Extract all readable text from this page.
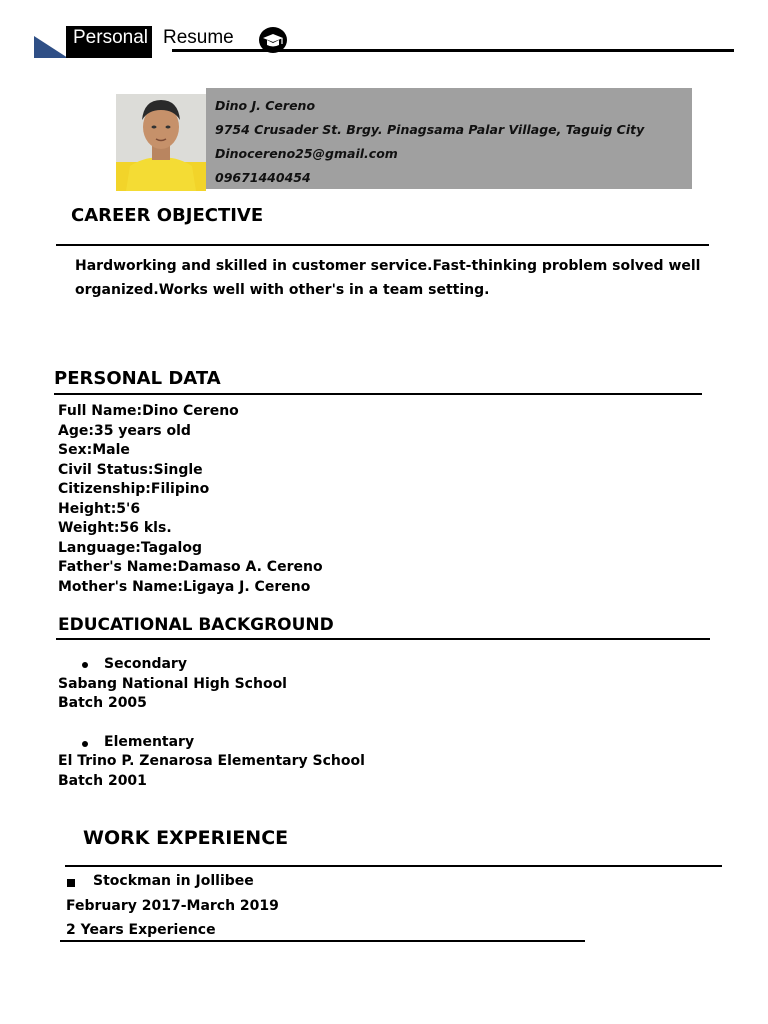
Personal Resume
Dino J. Cereno
9754 Crusader St. Brgy. Pinagsama Palar Village, Taguig City
Dinocereno25@gmail.com
09671440454
CAREER OBJECTIVE
Hardworking and skilled in customer service.Fast-thinking problem solved well
organized.Works well with other's in a team setting.
PERSONAL DATA
Full Name:Dino Cereno
Age:35 years old
Sex:Male
Civil Status:Single
Citizenship:Filipino
Height:5'6
Weight:56 kls.
Language:Tagalog
Father's Name:Damaso A. Cereno
Mother's Name:Ligaya J. Cereno
EDUCATIONAL BACKGROUND
Secondary
Sabang National High School
Batch 2005
Elementary
El Trino P. Zenarosa Elementary School
Batch 2001
WORK EXPERIENCE
Stockman in Jollibee
February 2017-March 2019
2 Years Experience
